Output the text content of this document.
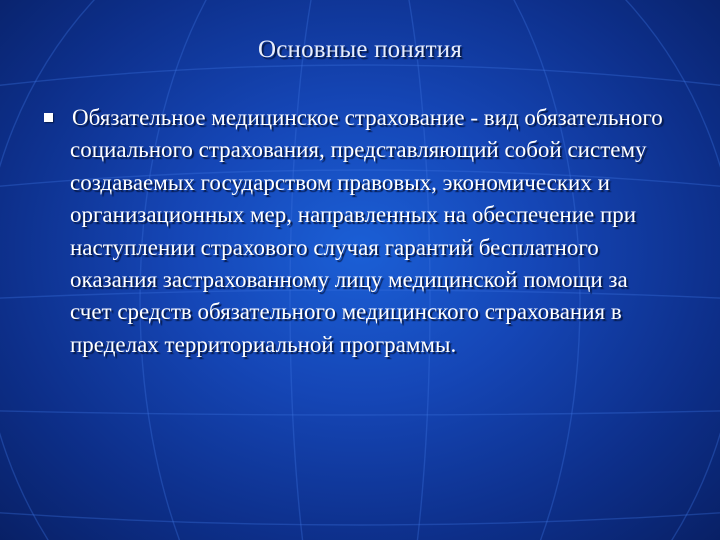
Основные понятия
Обязательное медицинское страхование - вид обязательного социального страхования, представляющий собой систему создаваемых государством правовых, экономических и организационных мер, направленных на обеспечение при наступлении страхового случая гарантий бесплатного оказания застрахованному лицу медицинской помощи за счет средств обязательного медицинского страхования в пределах территориальной программы.
